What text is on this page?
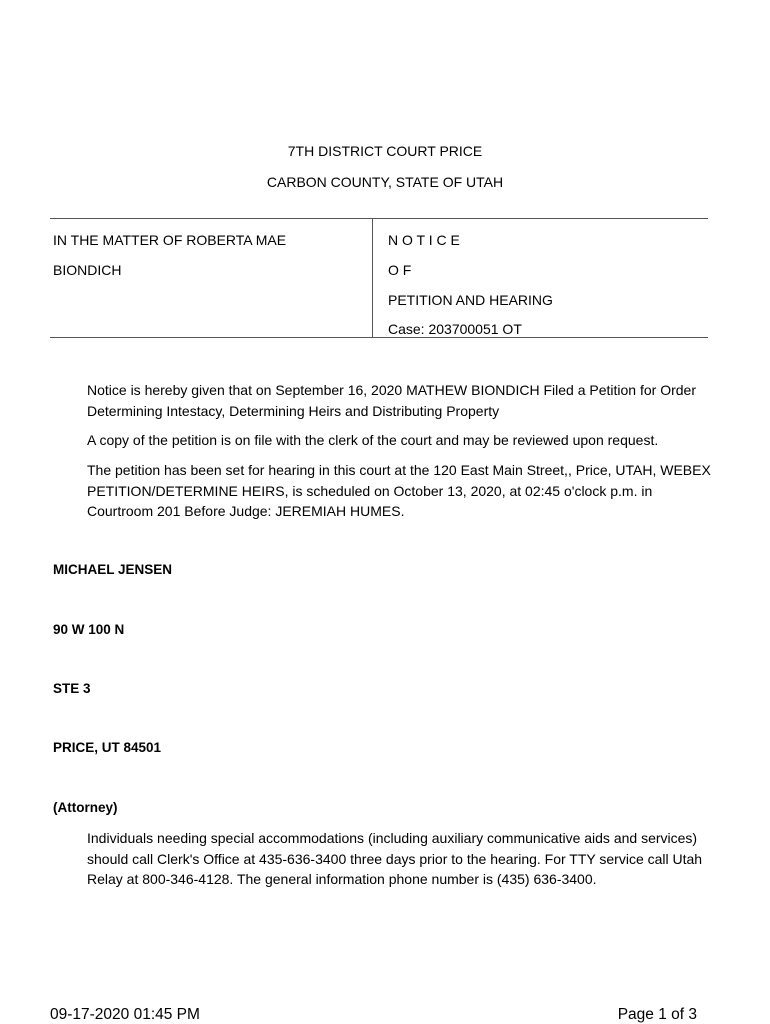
7TH DISTRICT COURT PRICE
CARBON COUNTY, STATE OF UTAH
IN THE MATTER OF ROBERTA MAE
BIONDICH
N O T I C E
O F
PETITION AND HEARING
Case: 203700051 OT
Notice is hereby given that on September 16, 2020 MATHEW BIONDICH Filed a Petition for Order Determining Intestacy, Determining Heirs and Distributing Property
A copy of the petition is on file with the clerk of the court and may be reviewed upon request.
The petition has been set for hearing in this court at the 120 East Main Street,, Price, UTAH, WEBEX PETITION/DETERMINE HEIRS, is scheduled on October 13, 2020, at 02:45 o'clock p.m. in Courtroom 201 Before Judge: JEREMIAH HUMES.
MICHAEL JENSEN
90 W 100 N
STE 3
PRICE, UT 84501
(Attorney)
Individuals needing special accommodations (including auxiliary communicative aids and services) should call Clerk's Office at 435-636-3400 three days prior to the hearing. For TTY service call Utah Relay at 800-346-4128. The general information phone number is (435) 636-3400.
09-17-2020 01:45 PM	Page 1 of 3
